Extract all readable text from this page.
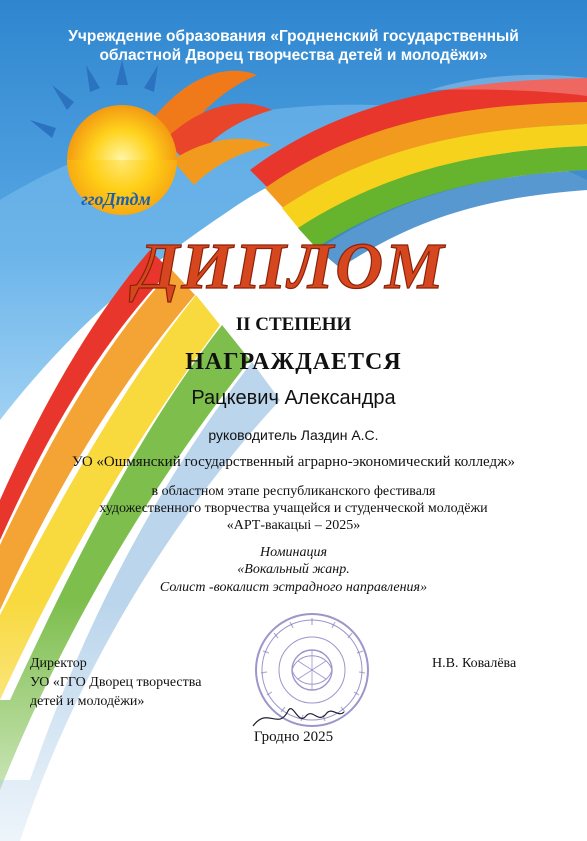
Учреждение образования «Гродненский государственный

областной Дворец творчества детей и молодёжи»

ггоДтдм

ДИПЛОМ

II СТЕПЕНИ

НАГРАЖДАЕТСЯ

Рацкевич Александра

руководитель Лаздин А.С.

УО «Ошмянский государственный аграрно-экономический колледж»

в областном этапе республиканского фестиваля

художественного творчества учащейся и студенческой молодёжи

«АРТ-вакацыі – 2025»

Номинация

«Вокальный жанр.

Солист -вокалист эстрадного направления»

Директор

УО «ГГО Дворец творчества

детей и молодёжи»

Н.В. Ковалёва

Гродно 2025
